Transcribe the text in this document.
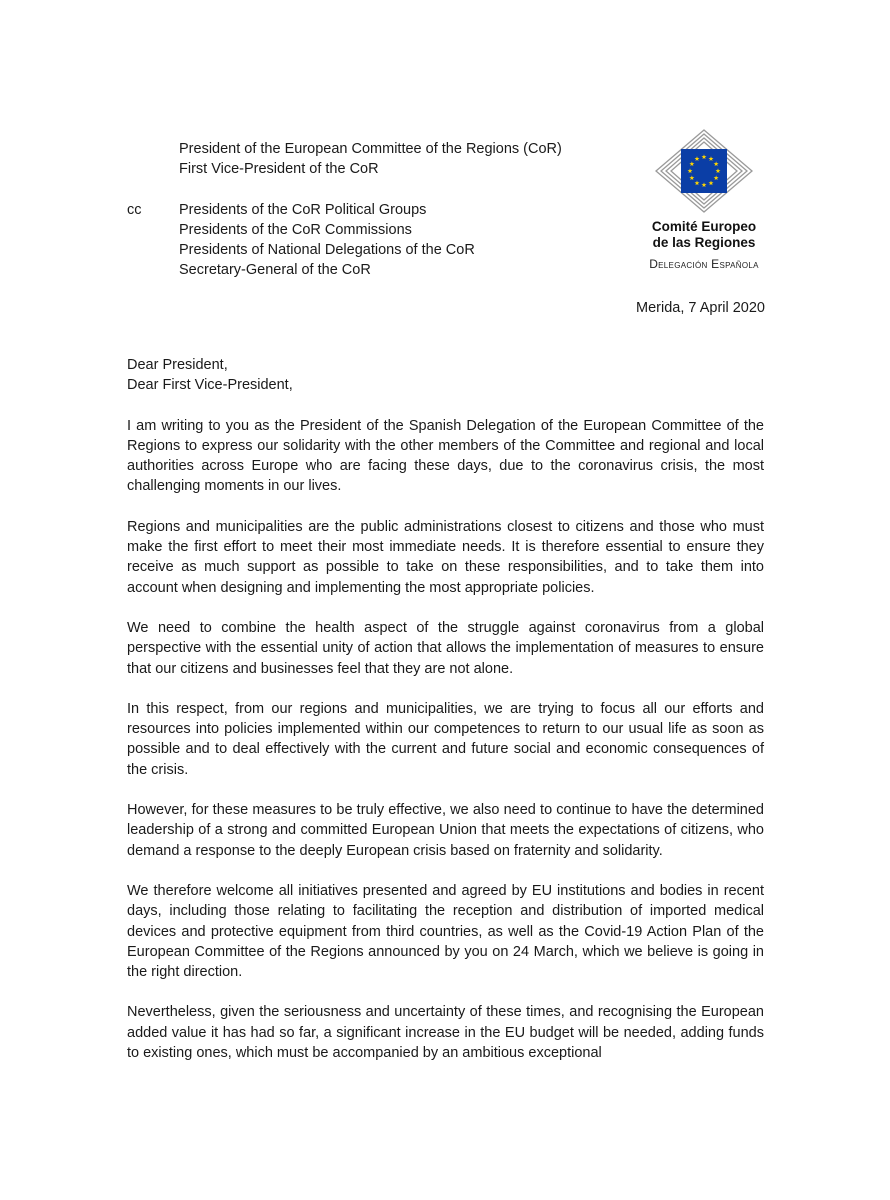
President of the European Committee of the Regions (CoR)
First Vice-President of the CoR
cc	Presidents of the CoR Political Groups
Presidents of the CoR Commissions
Presidents of National Delegations of the CoR
Secretary-General of the CoR
Comité Europeo
de las Regiones
Delegación Española
Merida, 7 April 2020
Dear President,
Dear First Vice-President,

I am writing to you as the President of the Spanish Delegation of the European Committee of the Regions to express our solidarity with the other members of the Committee and regional and local authorities across Europe who are facing these days, due to the coronavirus crisis, the most challenging moments in our lives.

Regions and municipalities are the public administrations closest to citizens and those who must make the first effort to meet their most immediate needs. It is therefore essential to ensure they receive as much support as possible to take on these responsibilities, and to take them into account when designing and implementing the most appropriate policies.

We need to combine the health aspect of the struggle against coronavirus from a global perspective with the essential unity of action that allows the implementation of measures to ensure that our citizens and businesses feel that they are not alone.

In this respect, from our regions and municipalities, we are trying to focus all our efforts and resources into policies implemented within our competences to return to our usual life as soon as possible and to deal effectively with the current and future social and economic consequences of the crisis.

However, for these measures to be truly effective, we also need to continue to have the determined leadership of a strong and committed European Union that meets the expectations of citizens, who demand a response to the deeply European crisis based on fraternity and solidarity.

We therefore welcome all initiatives presented and agreed by EU institutions and bodies in recent days, including those relating to facilitating the reception and distribution of imported medical devices and protective equipment from third countries, as well as the Covid-19 Action Plan of the European Committee of the Regions announced by you on 24 March, which we believe is going in the right direction.

Nevertheless, given the seriousness and uncertainty of these times, and recognising the European added value it has had so far, a significant increase in the EU budget will be needed, adding funds to existing ones, which must be accompanied by an ambitious exceptional
